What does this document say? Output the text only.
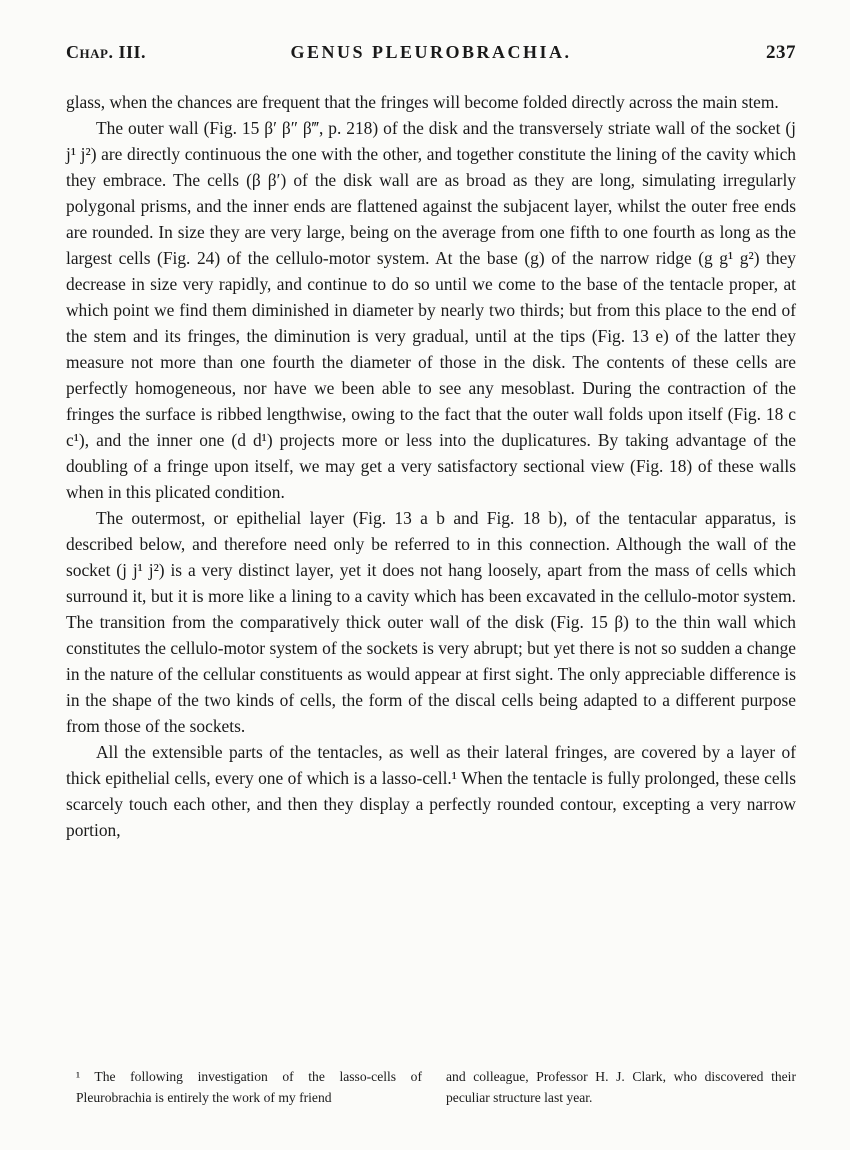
Chap. III.	GENUS PLEUROBRACHIA.	237

glass, when the chances are frequent that the fringes will become folded directly across the main stem.

The outer wall (Fig. 15 β′ β″ β‴, p. 218) of the disk and the transversely striate wall of the socket (j j¹ j²) are directly continuous the one with the other, and together constitute the lining of the cavity which they embrace. The cells (β β′) of the disk wall are as broad as they are long, simulating irregularly polygonal prisms, and the inner ends are flattened against the subjacent layer, whilst the outer free ends are rounded. In size they are very large, being on the average from one fifth to one fourth as long as the largest cells (Fig. 24) of the cellulo-motor system. At the base (g) of the narrow ridge (g g¹ g²) they decrease in size very rapidly, and continue to do so until we come to the base of the tentacle proper, at which point we find them diminished in diameter by nearly two thirds; but from this place to the end of the stem and its fringes, the diminution is very gradual, until at the tips (Fig. 13 e) of the latter they measure not more than one fourth the diameter of those in the disk. The contents of these cells are perfectly homogeneous, nor have we been able to see any mesoblast. During the contraction of the fringes the surface is ribbed lengthwise, owing to the fact that the outer wall folds upon itself (Fig. 18 c c¹), and the inner one (d d¹) projects more or less into the duplicatures. By taking advantage of the doubling of a fringe upon itself, we may get a very satisfactory sectional view (Fig. 18) of these walls when in this plicated condition.

The outermost, or epithelial layer (Fig. 13 a b and Fig. 18 b), of the tentacular apparatus, is described below, and therefore need only be referred to in this connection. Although the wall of the socket (j j¹ j²) is a very distinct layer, yet it does not hang loosely, apart from the mass of cells which surround it, but it is more like a lining to a cavity which has been excavated in the cellulo-motor system. The transition from the comparatively thick outer wall of the disk (Fig. 15 β) to the thin wall which constitutes the cellulo-motor system of the sockets is very abrupt; but yet there is not so sudden a change in the nature of the cellular constituents as would appear at first sight. The only appreciable difference is in the shape of the two kinds of cells, the form of the discal cells being adapted to a different purpose from those of the sockets.

All the extensible parts of the tentacles, as well as their lateral fringes, are covered by a layer of thick epithelial cells, every one of which is a lasso-cell.¹ When the tentacle is fully prolonged, these cells scarcely touch each other, and then they display a perfectly rounded contour, excepting a very narrow portion,

¹ The following investigation of the lasso-cells of Pleurobrachia is entirely the work of my friend
and colleague, Professor H. J. Clark, who discovered their peculiar structure last year.
